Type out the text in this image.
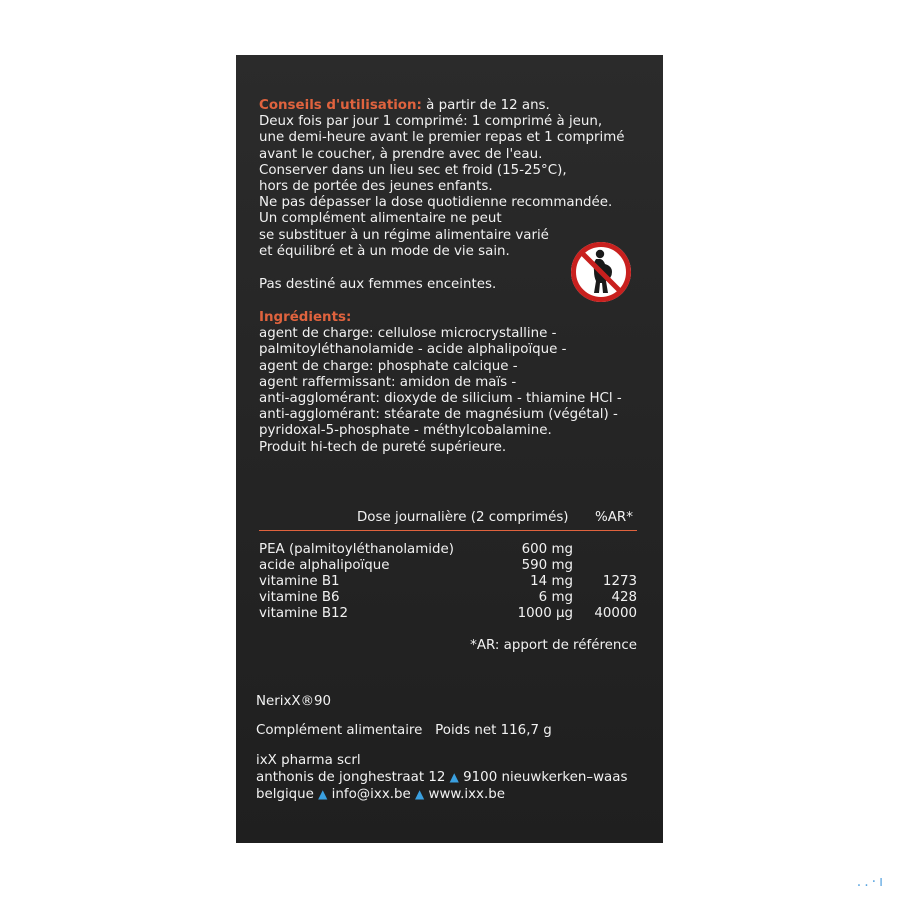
Conseils d'utilisation: à partir de 12 ans.
Deux fois par jour 1 comprimé: 1 comprimé à jeun,
une demi-heure avant le premier repas et 1 comprimé
avant le coucher, à prendre avec de l'eau.
Conserver dans un lieu sec et froid (15-25°C),
hors de portée des jeunes enfants.
Ne pas dépasser la dose quotidienne recommandée.
Un complément alimentaire ne peut
se substituer à un régime alimentaire varié
et équilibré et à un mode de vie sain.
Pas destiné aux femmes enceintes.
Ingrédients:
agent de charge: cellulose microcrystalline -
palmitoyléthanolamide - acide alphalipoïque -
agent de charge: phosphate calcique -
agent raffermissant: amidon de maïs -
anti-agglomérant: dioxyde de silicium - thiamine HCl -
anti-agglomérant: stéarate de magnésium (végétal) -
pyridoxal-5-phosphate - méthylcobalamine.
Produit hi-tech de pureté supérieure.
Dose journalière (2 comprimés) %AR*
PEA (palmitoyléthanolamide)	600 mg
acide alphalipoïque	590 mg
vitamine B1	14 mg 1273
vitamine B6	6 mg	428
vitamine B12	1000 µg 40000
*AR: apport de référence
NerixX®90
Complément alimentaire Poids net 116,7 g
ixX pharma scrl
anthonis de jonghestraat 12 ▲ 9100 nieuwkerken–waas
belgique ▲ info@ixx.be ▲ www.ixx.be
..·ı
